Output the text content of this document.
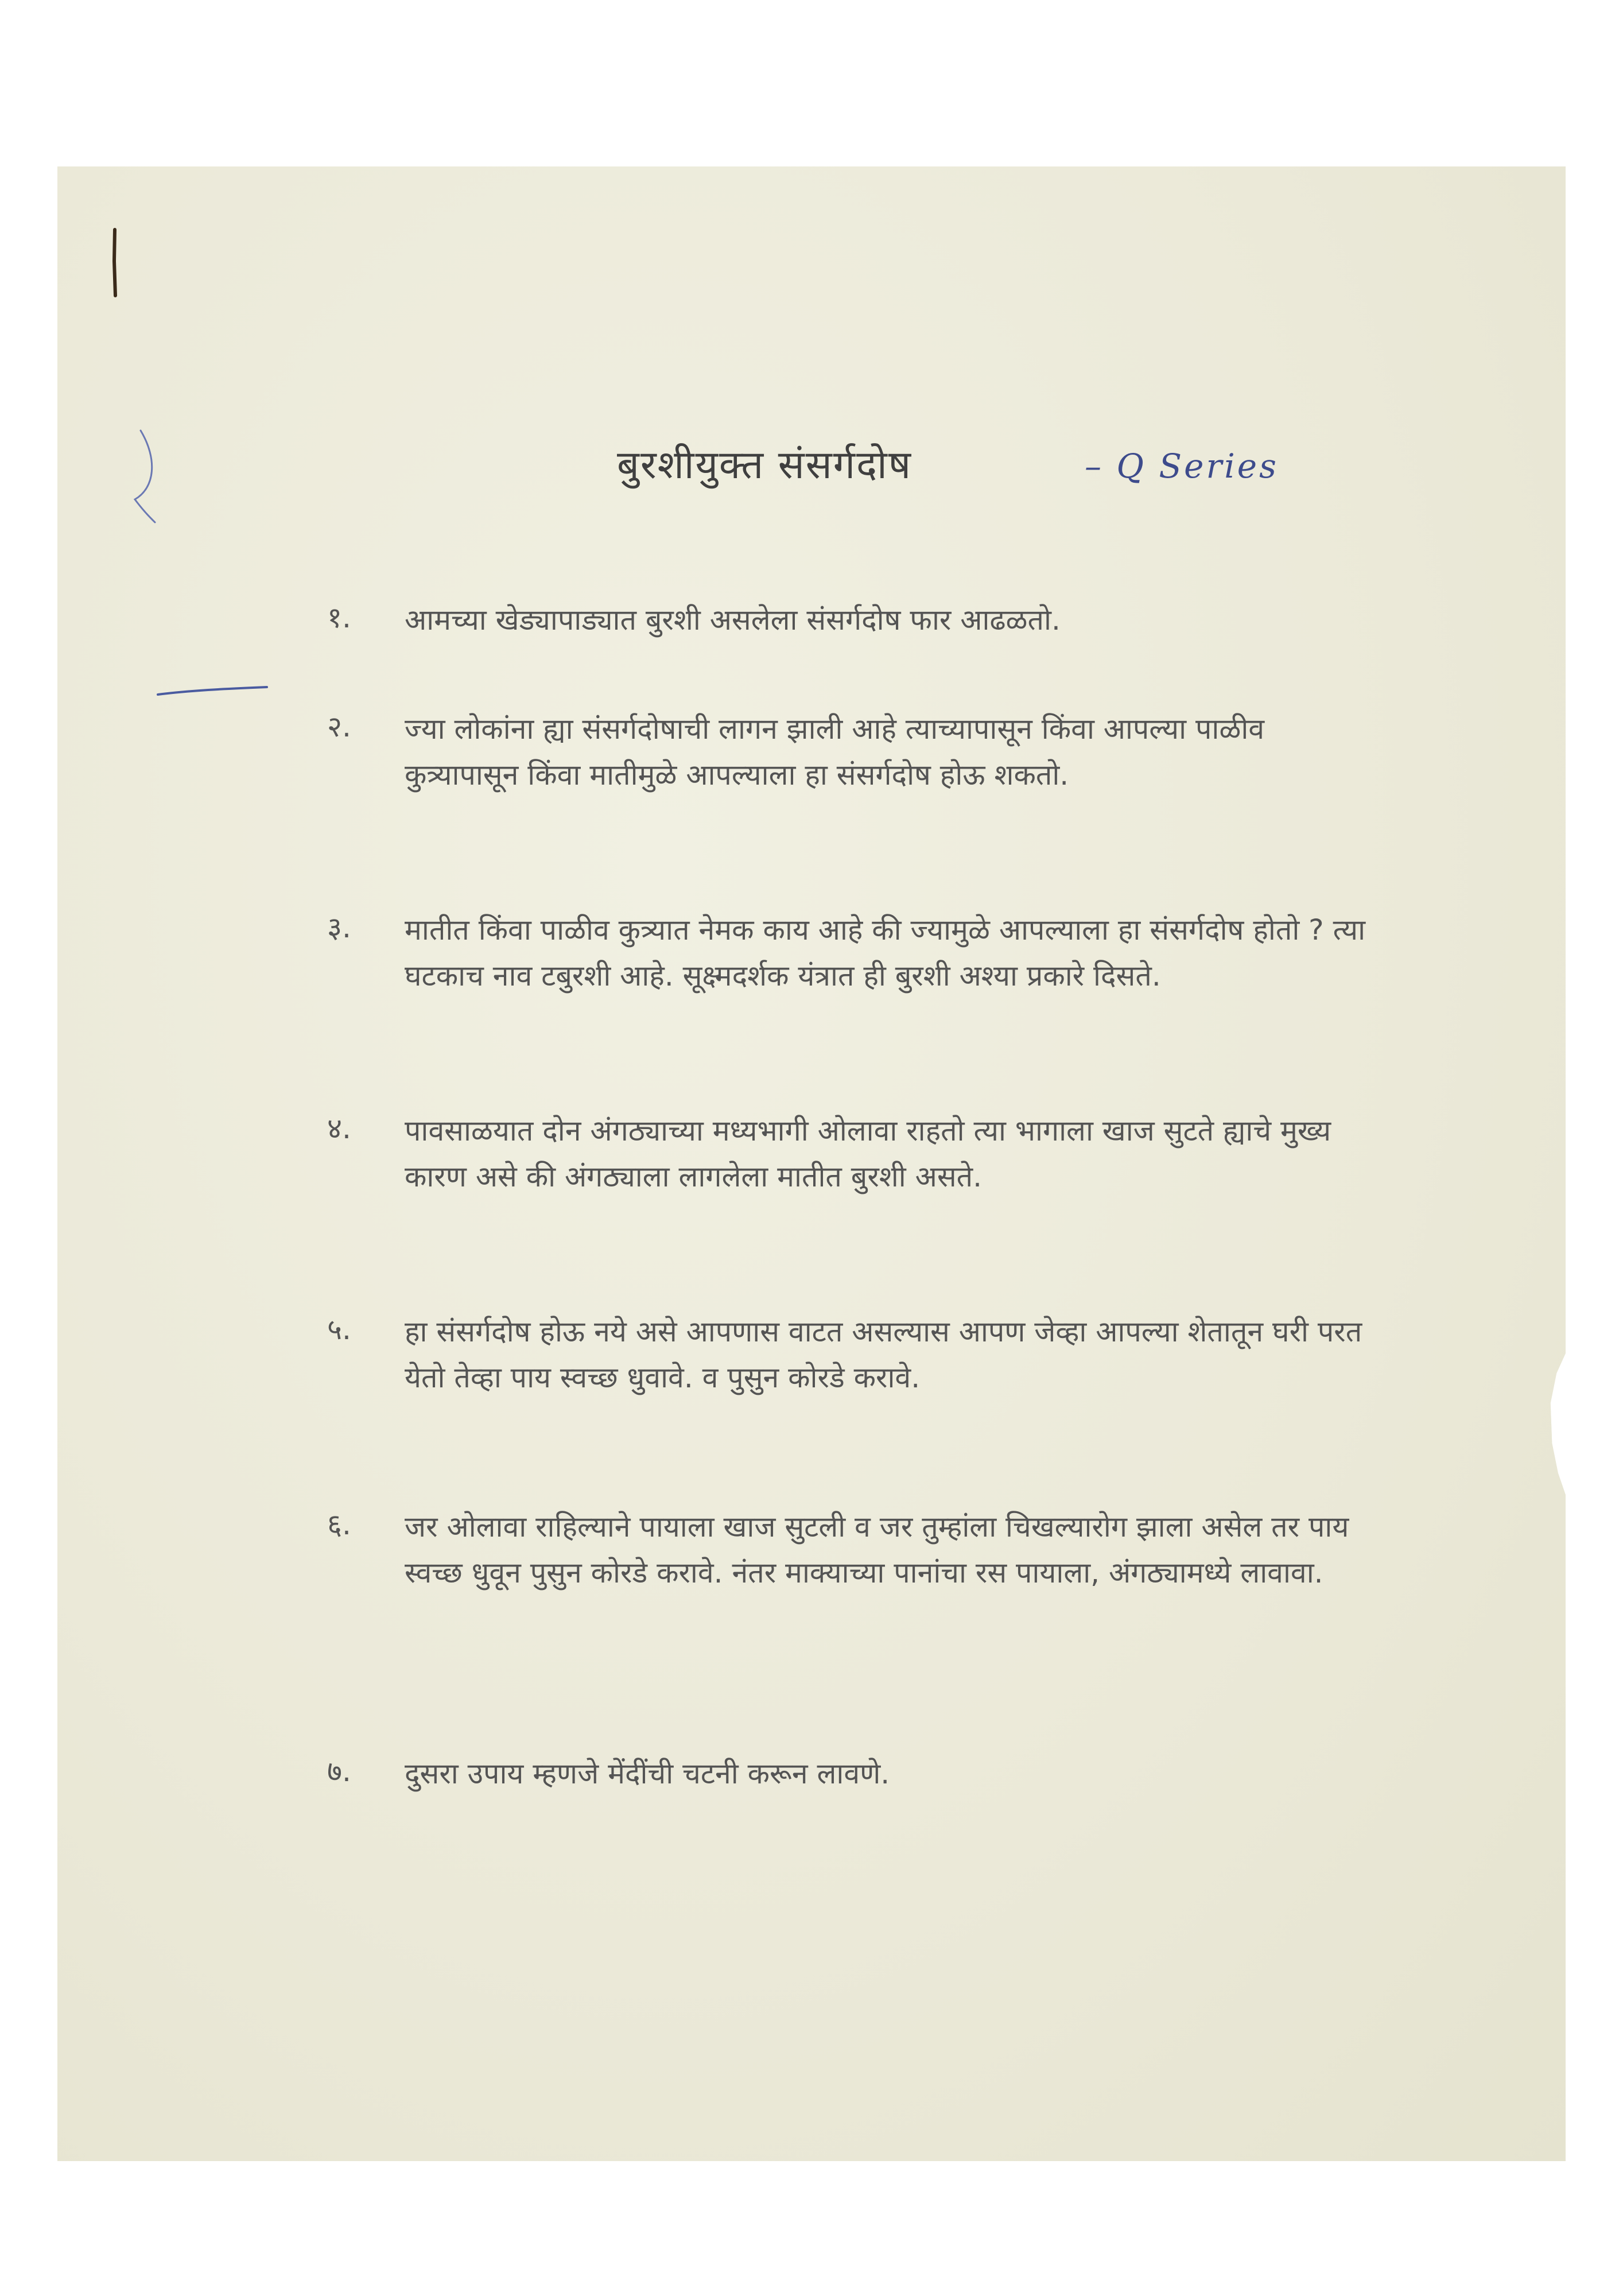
बुरशीयुक्त संसर्गदोष	– Q Series
१. आमच्या खेड्यापाड्यात बुरशी असलेला संसर्गदोष फार आढळतो.
२. ज्या लोकांना ह्या संसर्गदोषाची लागन झाली आहे त्याच्यापासून किंवा आपल्या पाळीव कुत्र्यापासून किंवा मातीमुळे आपल्याला हा संसर्गदोष होऊ शकतो.
३. मातीत किंवा पाळीव कुत्र्यात नेमक काय आहे की ज्यामुळे आपल्याला हा संसर्गदोष होतो ? त्या घटकाच नाव टबुरशी आहे. सूक्ष्मदर्शक यंत्रात ही बुरशी अश्या प्रकारे दिसते.
४. पावसाळयात दोन अंगठ्याच्या मध्यभागी ओलावा राहतो त्या भागाला खाज सुटते ह्याचे मुख्य कारण असे की अंगठ्याला लागलेला मातीत बुरशी असते.
५. हा संसर्गदोष होऊ नये असे आपणास वाटत असल्यास आपण जेव्हा आपल्या शेतातून घरी परत येतो तेव्हा पाय स्वच्छ धुवावे. व पुसुन कोरडे करावे.
६. जर ओलावा राहिल्याने पायाला खाज सुटली व जर तुम्हांला चिखल्यारोग झाला असेल तर पाय स्वच्छ धुवून पुसुन कोरडे करावे. नंतर माक्याच्या पानांचा रस पायाला, अंगठ्यामध्ये लावावा.
७. दुसरा उपाय म्हणजे मेंदींची चटनी करून लावणे.
